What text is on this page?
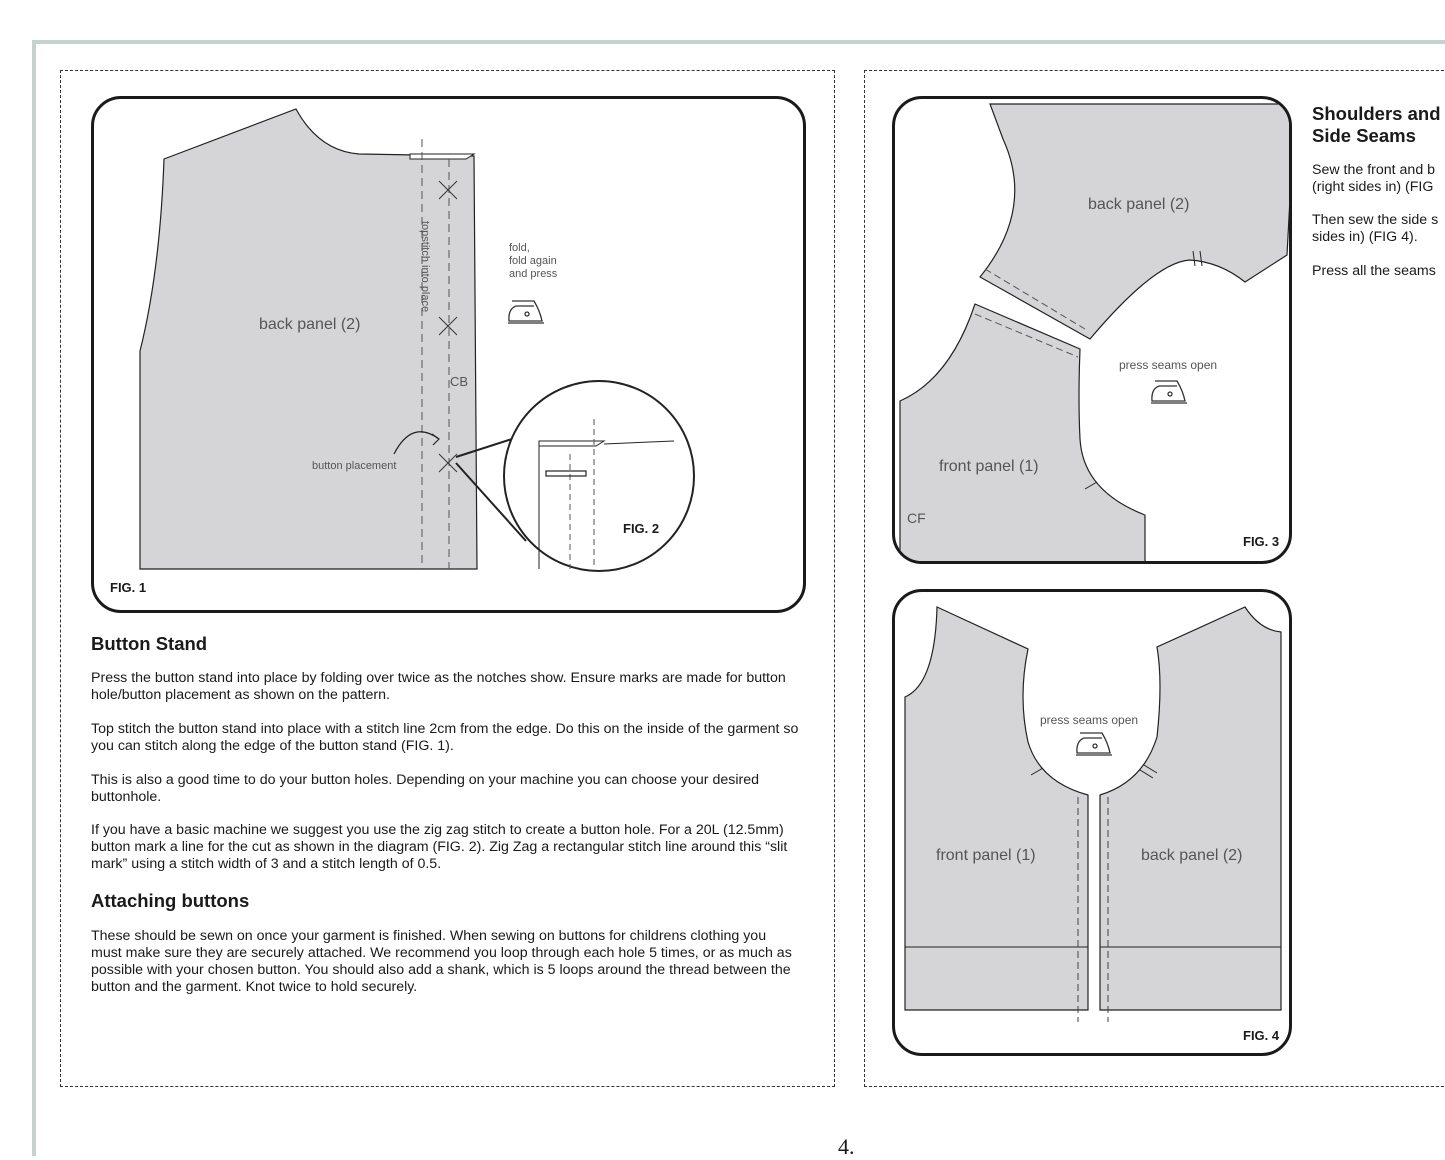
back panel (2)
topstitch into place	fold,
fold again
and press
CB
button placement
FIG. 2
FIG. 1
back panel (2)
front panel (1)
press seams open
CF
FIG. 3
front panel (1)	back panel (2)
press seams open
FIG. 4
Button Stand

Press the button stand into place by folding over twice as the notches show. Ensure marks are made for button hole/button placement as shown on the pattern.

Top stitch the button stand into place with a stitch line 2cm from the edge. Do this on the inside of the garment so you can stitch along the edge of the button stand (FIG. 1).

This is also a good time to do your button holes. Depending on your machine you can choose your desired buttonhole.

If you have a basic machine we suggest you use the zig zag stitch to create a button hole. For a 20L (12.5mm) button mark a line for the cut as shown in the diagram (FIG. 2). Zig Zag a rectangular stitch line around this “slit mark” using a stitch width of 3 and a stitch length of 0.5.

Attaching buttons

These should be sewn on once your garment is finished. When sewing on buttons for childrens clothing you must make sure they are securely attached. We recommend you loop through each hole 5 times, or as much as possible with your chosen button. You should also add a shank, which is 5 loops around the thread between the button and the garment. Knot twice to hold securely.

Shoulders and
Side Seams

Sew the front and b
(right sides in) (FIG

Then sew the side s
sides in) (FIG 4).

Press all the seams

4.
